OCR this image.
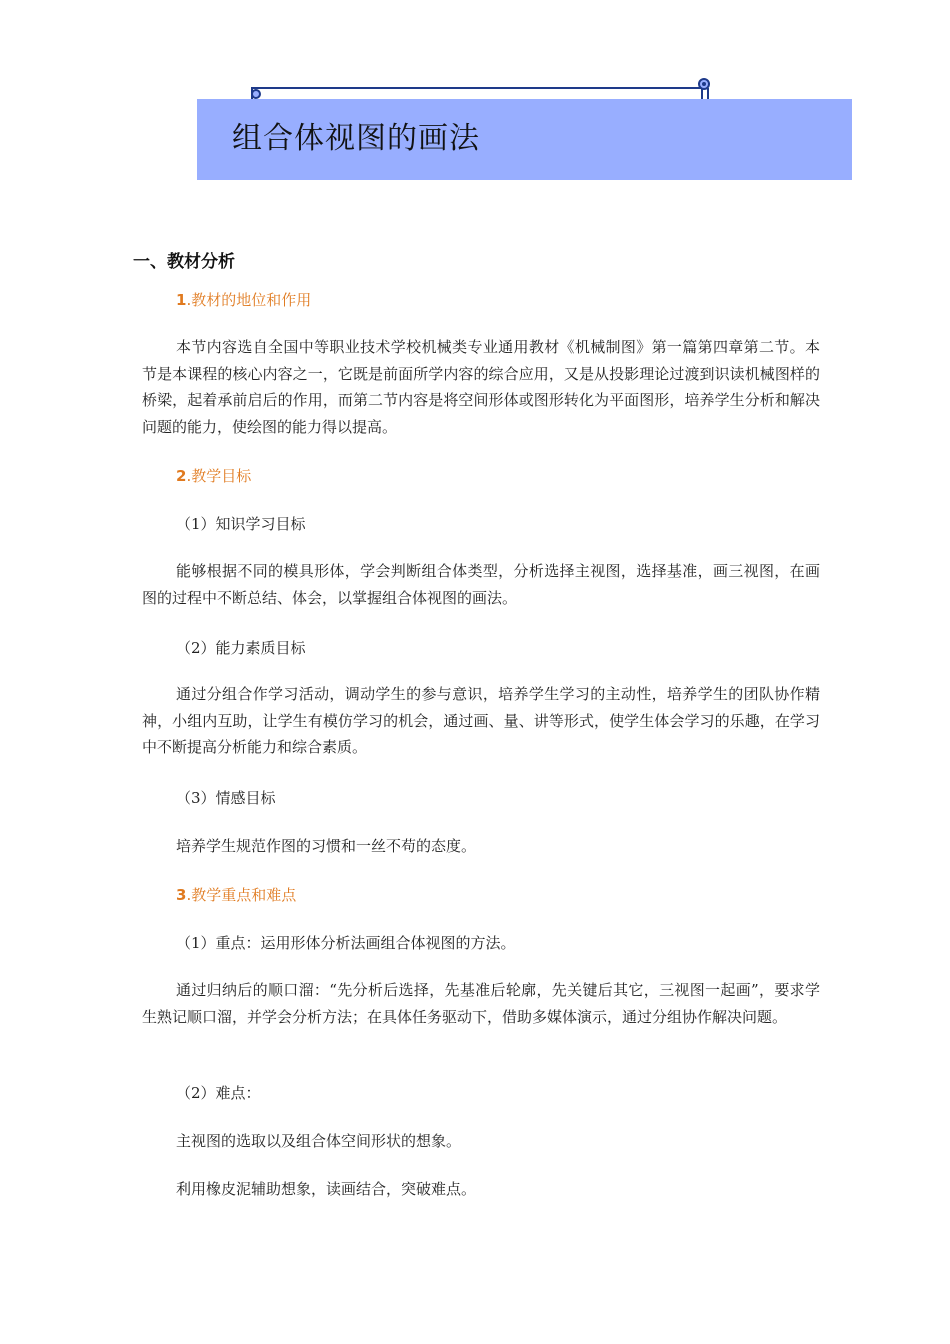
组合体视图的画法
一、教材分析
1.教材的地位和作用

本节内容选自全国中等职业技术学校机械类专业通用教材《机械制图》第一篇第四章第二节。本节是本课程的核心内容之一，它既是前面所学内容的综合应用，又是从投影理论过渡到识读机械图样的桥梁，起着承前启后的作用，而第二节内容是将空间形体或图形转化为平面图形，培养学生分析和解决问题的能力，使绘图的能力得以提高。

2.教学目标
（1）知识学习目标

能够根据不同的模具形体，学会判断组合体类型，分析选择主视图，选择基准，画三视图，在画图的过程中不断总结、体会，以掌握组合体视图的画法。

（2）能力素质目标

通过分组合作学习活动，调动学生的参与意识，培养学生学习的主动性，培养学生的团队协作精神，小组内互助，让学生有模仿学习的机会，通过画、量、讲等形式，使学生体会学习的乐趣，在学习中不断提高分析能力和综合素质。

（3）情感目标
培养学生规范作图的习惯和一丝不苟的态度。
3.教学重点和难点
（1）重点：运用形体分析法画组合体视图的方法。

通过归纳后的顺口溜：“先分析后选择，先基准后轮廓，先关键后其它，三视图一起画”，要求学生熟记顺口溜，并学会分析方法；在具体任务驱动下，借助多媒体演示，通过分组协作解决问题。

（2）难点：
主视图的选取以及组合体空间形状的想象。
利用橡皮泥辅助想象，读画结合，突破难点。
